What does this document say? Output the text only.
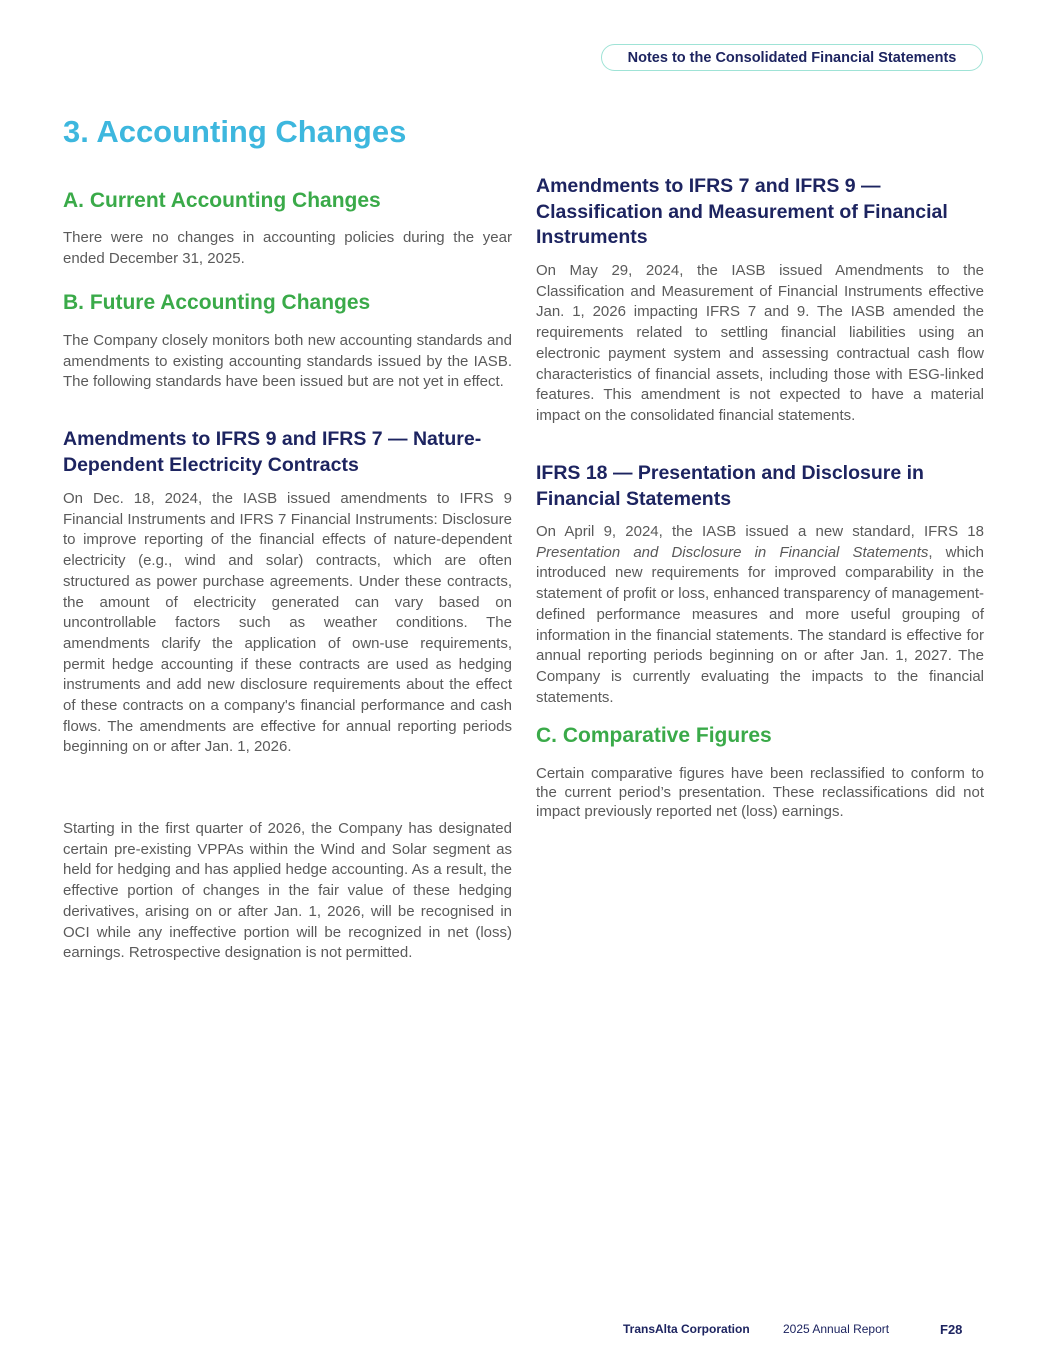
Notes to the Consolidated Financial Statements
3. Accounting Changes
A. Current Accounting Changes

There were no changes in accounting policies during the year ended December 31, 2025.

B. Future Accounting Changes

The Company closely monitors both new accounting standards and amendments to existing accounting standards issued by the IASB. The following standards have been issued but are not yet in effect.

Amendments to IFRS 9 and IFRS 7 — Nature-Dependent Electricity Contracts

On Dec. 18, 2024, the IASB issued amendments to IFRS 9 Financial Instruments and IFRS 7 Financial Instruments: Disclosure to improve reporting of the financial effects of nature-dependent electricity (e.g., wind and solar) contracts, which are often structured as power purchase agreements. Under these contracts, the amount of electricity generated can vary based on uncontrollable factors such as weather conditions. The amendments clarify the application of own-use requirements, permit hedge accounting if these contracts are used as hedging instruments and add new disclosure requirements about the effect of these contracts on a company's financial performance and cash flows. The amendments are effective for annual reporting periods beginning on or after Jan. 1, 2026.

Starting in the first quarter of 2026, the Company has designated certain pre-existing VPPAs within the Wind and Solar segment as held for hedging and has applied hedge accounting. As a result, the effective portion of changes in the fair value of these hedging derivatives, arising on or after Jan. 1, 2026, will be recognised in OCI while any ineffective portion will be recognized in net (loss) earnings. Retrospective designation is not permitted.

Amendments to IFRS 7 and IFRS 9 — Classification and Measurement of Financial Instruments

On May 29, 2024, the IASB issued Amendments to the Classification and Measurement of Financial Instruments effective Jan. 1, 2026 impacting IFRS 7 and 9. The IASB amended the requirements related to settling financial liabilities using an electronic payment system and assessing contractual cash flow characteristics of financial assets, including those with ESG-linked features. This amendment is not expected to have a material impact on the consolidated financial statements.

IFRS 18 — Presentation and Disclosure in Financial Statements

On April 9, 2024, the IASB issued a new standard, IFRS 18 Presentation and Disclosure in Financial Statements, which introduced new requirements for improved comparability in the statement of profit or loss, enhanced transparency of management-defined performance measures and more useful grouping of information in the financial statements. The standard is effective for annual reporting periods beginning on or after Jan. 1, 2027. The Company is currently evaluating the impacts to the financial statements.

C. Comparative Figures

Certain comparative figures have been reclassified to conform to the current period’s presentation. These reclassifications did not impact previously reported net (loss) earnings.

TransAlta Corporation	2025 Annual Report	F28
